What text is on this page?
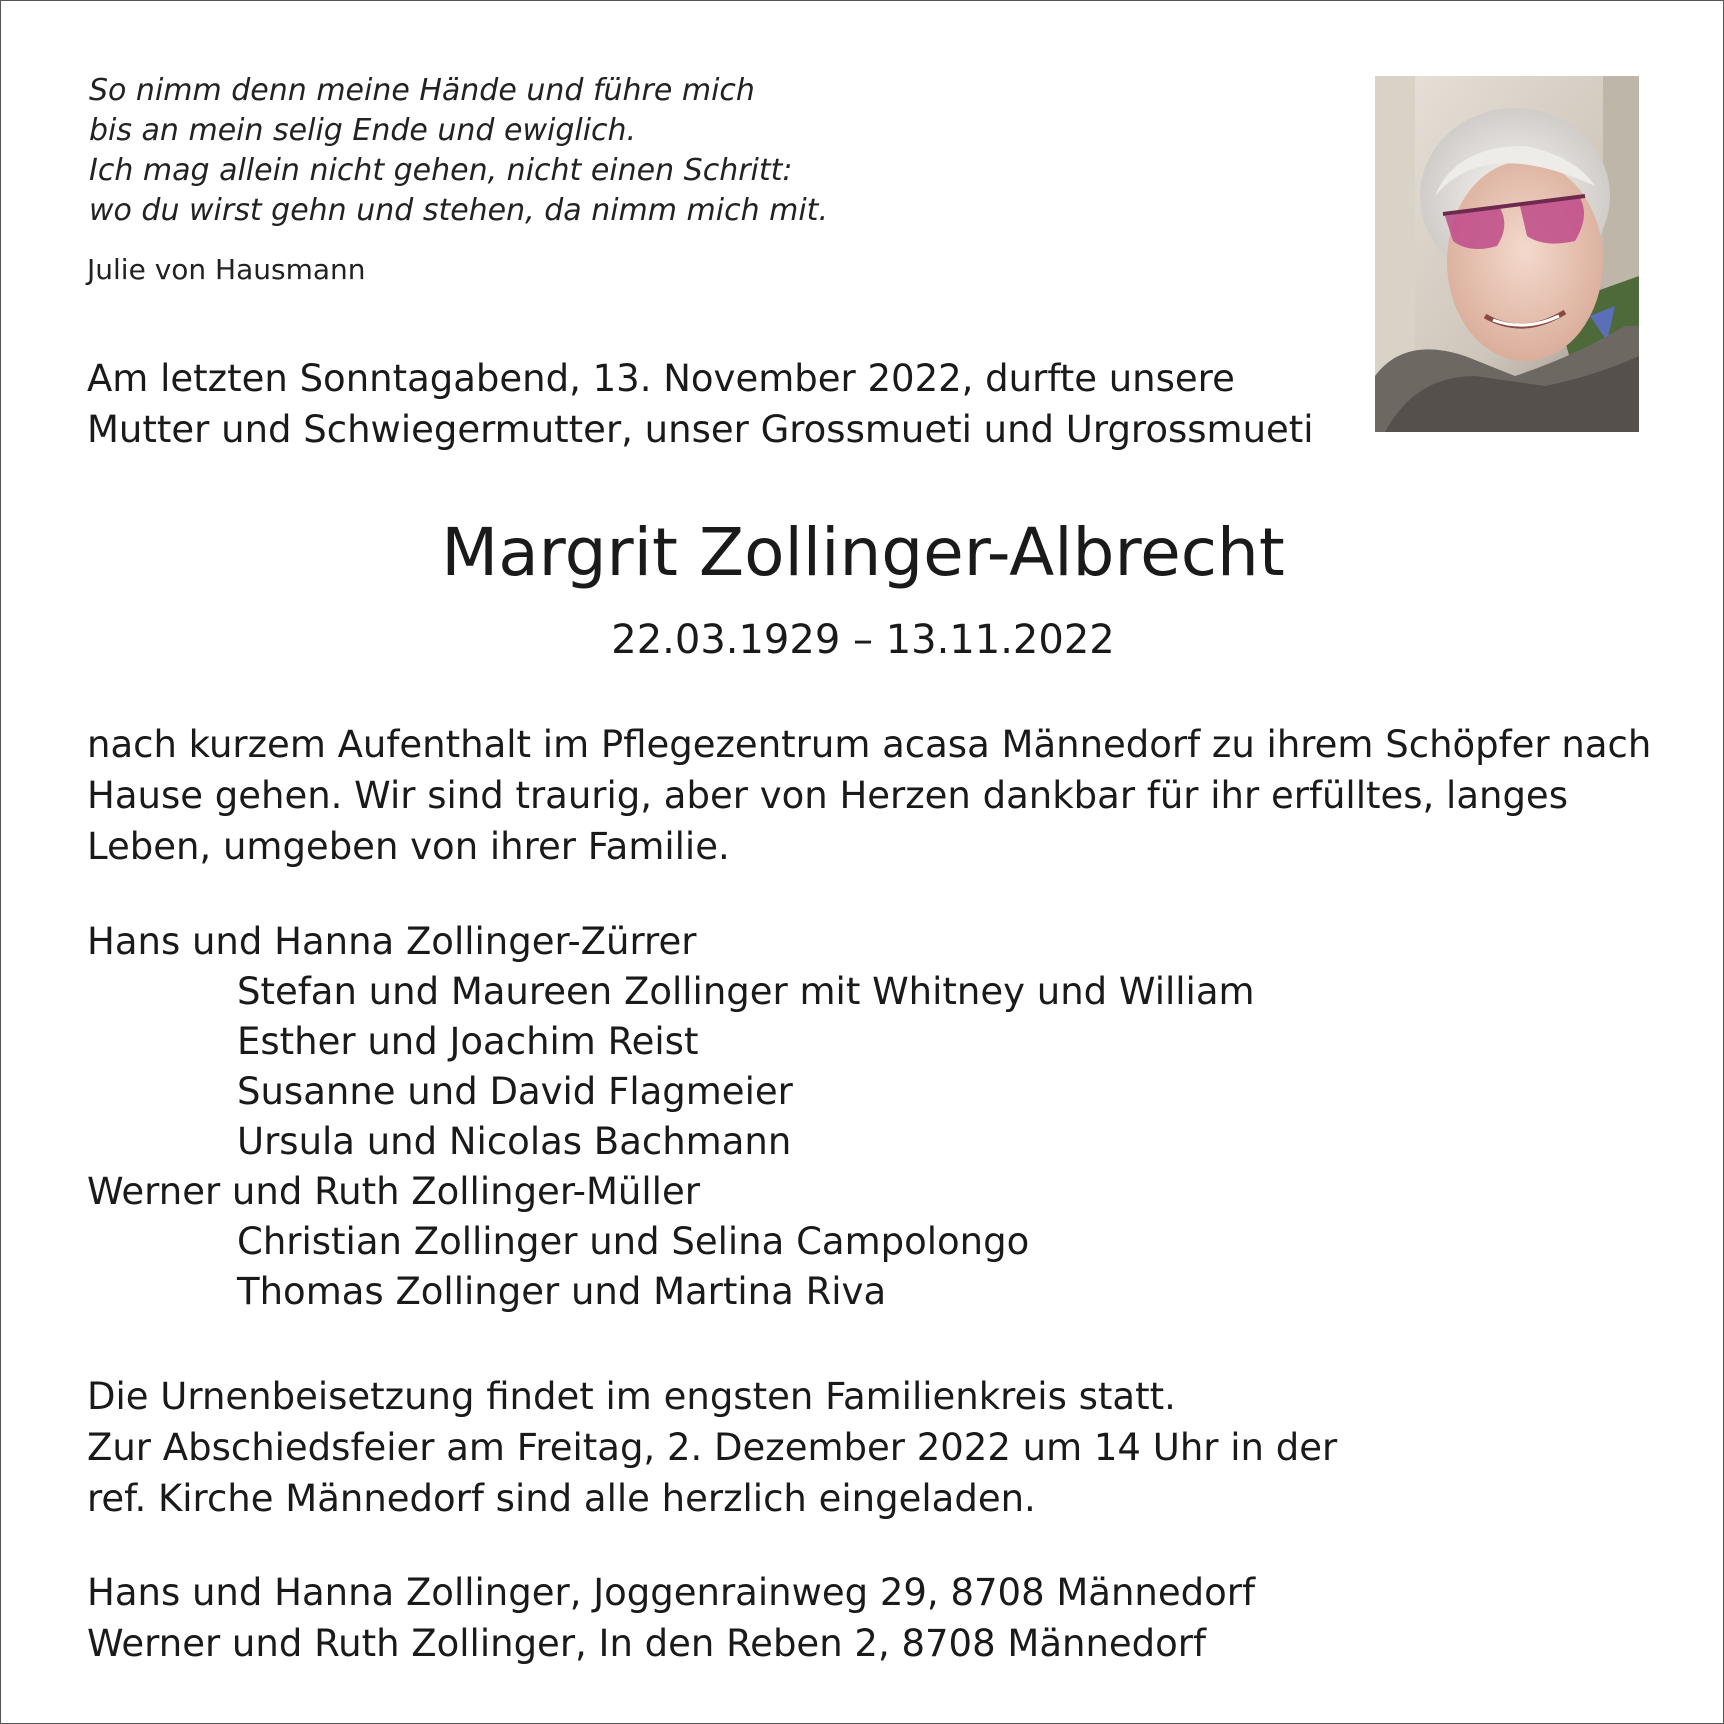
So nimm denn meine Hände und führe mich
bis an mein selig Ende und ewiglich.
Ich mag allein nicht gehen, nicht einen Schritt:
wo du wirst gehn und stehen, da nimm mich mit.
Julie von Hausmann
Am letzten Sonntagabend, 13. November 2022, durfte unsere
Mutter und Schwiegermutter, unser Grossmueti und Urgrossmueti
Margrit Zollinger-Albrecht
22.03.1929 – 13.11.2022
nach kurzem Aufenthalt im Pflegezentrum acasa Männedorf zu ihrem Schöpfer nach
Hause gehen. Wir sind traurig, aber von Herzen dankbar für ihr erfülltes, langes
Leben, umgeben von ihrer Familie.
Hans und Hanna Zollinger-Zürrer
Stefan und Maureen Zollinger mit Whitney und William
Esther und Joachim Reist
Susanne und David Flagmeier
Ursula und Nicolas Bachmann
Werner und Ruth Zollinger-Müller
Christian Zollinger und Selina Campolongo
Thomas Zollinger und Martina Riva
Die Urnenbeisetzung findet im engsten Familienkreis statt.
Zur Abschiedsfeier am Freitag, 2. Dezember 2022 um 14 Uhr in der
ref. Kirche Männedorf sind alle herzlich eingeladen.
Hans und Hanna Zollinger, Joggenrainweg 29, 8708 Männedorf
Werner und Ruth Zollinger, In den Reben 2, 8708 Männedorf
